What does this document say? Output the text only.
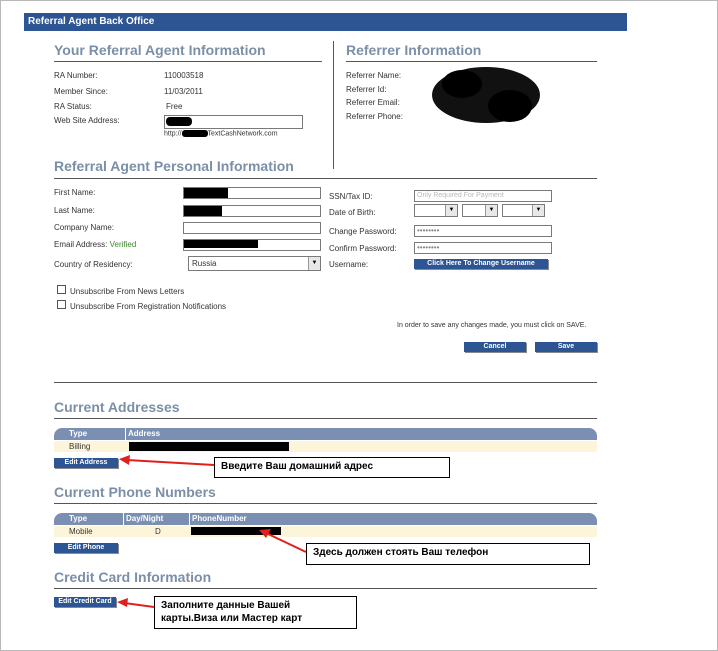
Referral Agent Back Office
Your Referral Agent Information
RA Number:	110003518
Member Since:	11/03/2011
RA Status:	Free
Web Site Address:
http://	TextCashNetwork.com
Referrer Information
Referrer Name:
Referrer Id:
Referrer Email:
Referrer Phone:
Referral Agent Personal Information
First Name:
Last Name:
Company Name:
Email Address: Verified
Country of Residency:	Russia	▼
SSN/Tax ID:	Only Required For Payment
Date of Birth:	▼	▼	▼
Change Password:	••••••••
Confirm Password:	••••••••
Username:	Click Here To Change Username
Unsubscribe From News Letters
Unsubscribe From Registration Notifications
In order to save any changes made, you must click on SAVE.
Cancel	Save
Current Addresses
Type	Address
Billing
Edit Address	Введите Ваш домашний адрес
Current Phone Numbers
Type	Day/Night	PhoneNumber
Mobile	D
Edit Phone	Здесь должен стоять Ваш телефон
Credit Card Information
Edit Credit Card	Заполните данные Вашей
карты.Виза или Мастер карт
